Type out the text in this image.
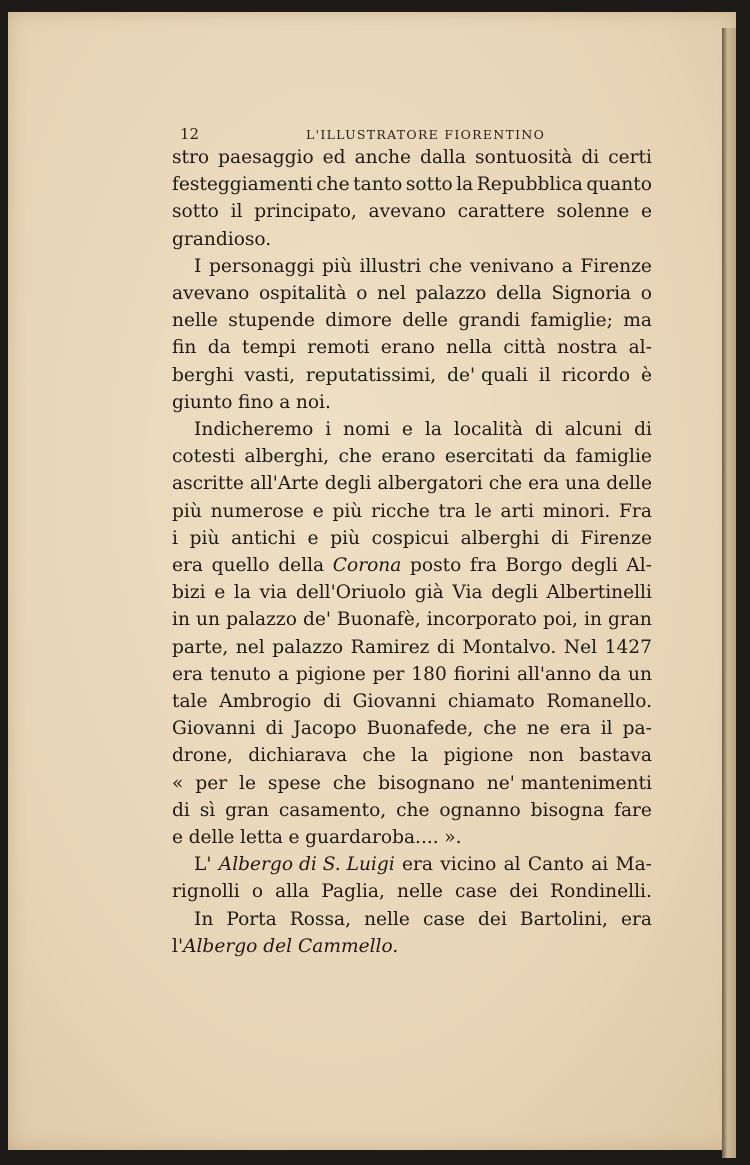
12	L'ILLUSTRATORE FIORENTINO
stro paesaggio ed anche dalla sontuosità di certi
festeggiamenti che tanto sotto la Repubblica quanto
sotto il principato, avevano carattere solenne e
grandioso.
I personaggi più illustri che venivano a Firenze
avevano ospitalità o nel palazzo della Signoria o
nelle stupende dimore delle grandi famiglie; ma
fin da tempi remoti erano nella città nostra al-
berghi vasti, reputatissimi, de' quali il ricordo è
giunto fino a noi.
Indicheremo i nomi e la località di alcuni di
cotesti alberghi, che erano esercitati da famiglie
ascritte all'Arte degli albergatori che era una delle
più numerose e più ricche tra le arti minori. Fra
i più antichi e più cospicui alberghi di Firenze
era quello della Corona posto fra Borgo degli Al-
bizi e la via dell'Oriuolo già Via degli Albertinelli
in un palazzo de' Buonafè, incorporato poi, in gran
parte, nel palazzo Ramirez di Montalvo. Nel 1427
era tenuto a pigione per 180 fiorini all'anno da un
tale Ambrogio di Giovanni chiamato Romanello.
Giovanni di Jacopo Buonafede, che ne era il pa-
drone, dichiarava che la pigione non bastava
« per le spese che bisognano ne' mantenimenti
di sì gran casamento, che ognanno bisogna fare
e delle letta e guardaroba.... ».
L' Albergo di S. Luigi era vicino al Canto ai Ma-
rignolli o alla Paglia, nelle case dei Rondinelli.
In Porta Rossa, nelle case dei Bartolini, era
l' Albergo del Cammello.
